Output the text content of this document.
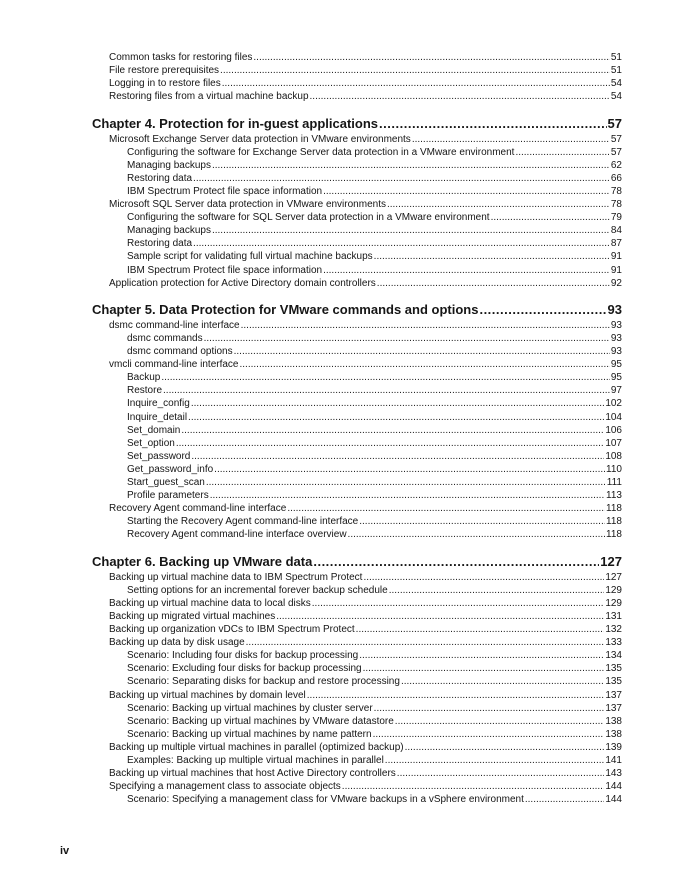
Common tasks for restoring files .....	51
File restore prerequisites .....	51
Logging in to restore files .....	54
Restoring files from a virtual machine backup .....	54
Chapter 4. Protection for in-guest applications .....	57
Microsoft Exchange Server data protection in VMware environments .....	57
Configuring the software for Exchange Server data protection in a VMware environment .....	57
Managing backups .....	62
Restoring data .....	66
IBM Spectrum Protect file space information .....	78
Microsoft SQL Server data protection in VMware environments .....	78
Configuring the software for SQL Server data protection in a VMware environment .....	79
Managing backups .....	84
Restoring data .....	87
Sample script for validating full virtual machine backups .....	91
IBM Spectrum Protect file space information .....	91
Application protection for Active Directory domain controllers .....	92
Chapter 5. Data Protection for VMware commands and options .....	93
dsmc command-line interface .....	93
dsmc commands .....	93
dsmc command options .....	93
vmcli command-line interface .....	95
Backup .....	95
Restore .....	97
Inquire_config .....	102
Inquire_detail .....	104
Set_domain .....	106
Set_option .....	107
Set_password .....	108
Get_password_info .....	110
Start_guest_scan .....	111
Profile parameters .....	113
Recovery Agent command-line interface .....	118
Starting the Recovery Agent command-line interface .....	118
Recovery Agent command-line interface overview .....	118
Chapter 6. Backing up VMware data .....	127
Backing up virtual machine data to IBM Spectrum Protect .....	127
Setting options for an incremental forever backup schedule .....	129
Backing up virtual machine data to local disks .....	129
Backing up migrated virtual machines .....	131
Backing up organization vDCs to IBM Spectrum Protect .....	132
Backing up data by disk usage .....	133
Scenario: Including four disks for backup processing .....	134
Scenario: Excluding four disks for backup processing .....	135
Scenario: Separating disks for backup and restore processing .....	135
Backing up virtual machines by domain level .....	137
Scenario: Backing up virtual machines by cluster server .....	137
Scenario: Backing up virtual machines by VMware datastore .....	138
Scenario: Backing up virtual machines by name pattern .....	138
Backing up multiple virtual machines in parallel (optimized backup) .....	139
Examples: Backing up multiple virtual machines in parallel .....	141
Backing up virtual machines that host Active Directory controllers .....	143
Specifying a management class to associate objects .....	144
Scenario: Specifying a management class for VMware backups in a vSphere environment .....	144
iv
